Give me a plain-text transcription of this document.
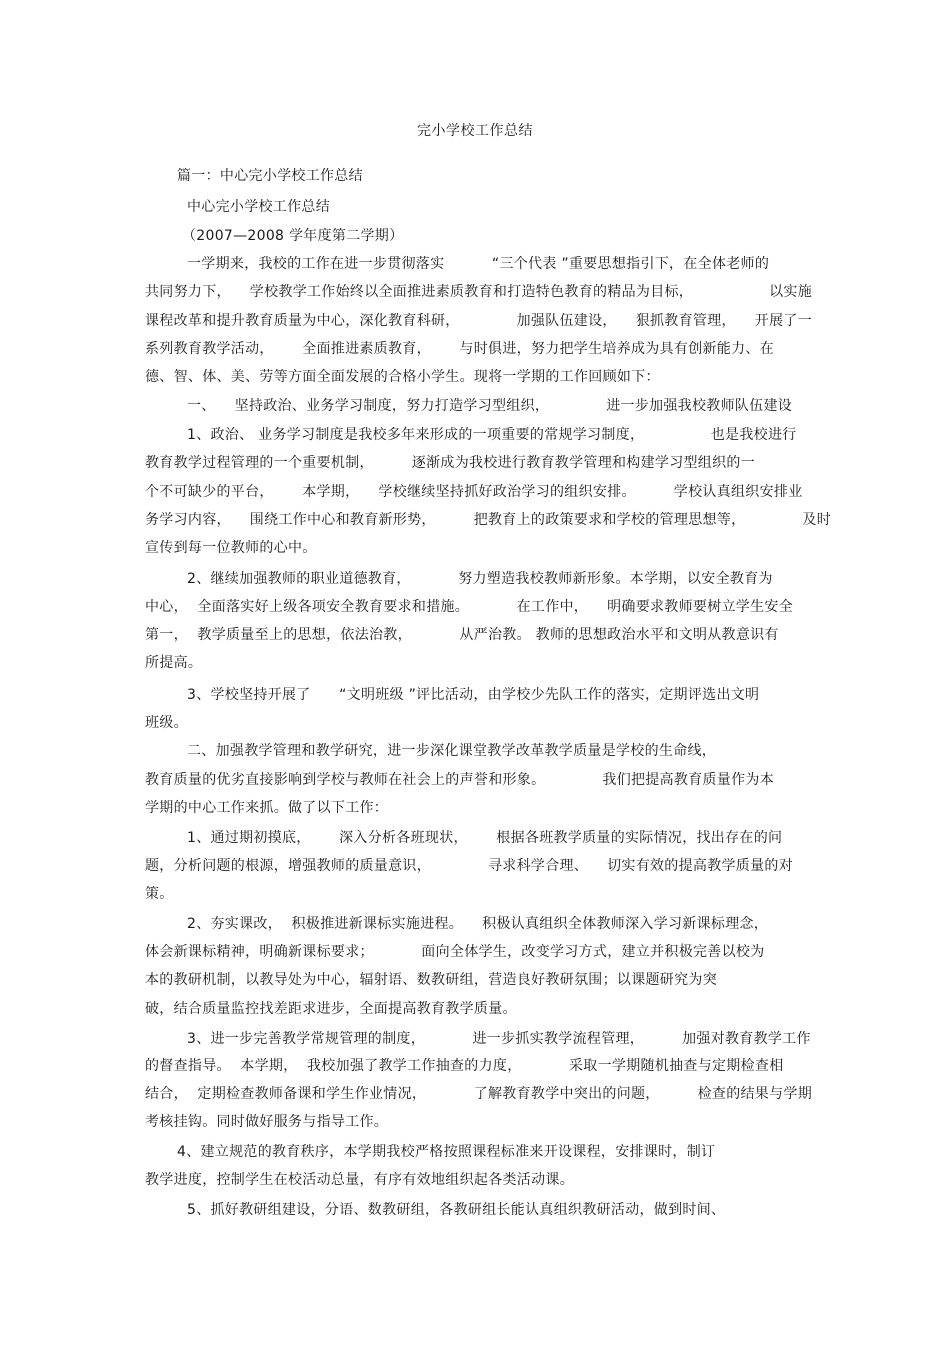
完小学校工作总结
篇一：中心完小学校工作总结
中心完小学校工作总结
（2007—2008 学年度第二学期）
一学期来，我校的工作在进一步贯彻落实          “三个代表 ”重要思想指引下，在全体老师的
共同努力下，    学校教学工作始终以全面推进素质教育和打造特色教育的精品为目标，                以实施
课程改革和提升教育质量为中心，深化教育科研，            加强队伍建设，    狠抓教育管理，    开展了一
系列教育教学活动，      全面推进素质教育，      与时俱进，努力把学生培养成为具有创新能力、在
德、智、体、美、劳等方面全面发展的合格小学生。现将一学期的工作回顾如下：
一、    坚持政治、业务学习制度，努力打造学习型组织，            进一步加强我校教师队伍建设
1、政治、 业务学习制度是我校多年来形成的一项重要的常规学习制度，              也是我校进行
教育教学过程管理的一个重要机制，        逐渐成为我校进行教育教学管理和构建学习型组织的一
个不可缺少的平台，      本学期，    学校继续坚持抓好政治学习的组织安排。        学校认真组织安排业
务学习内容，    围绕工作中心和教育新形势，        把教育上的政策要求和学校的管理思想等，            及时
宣传到每一位教师的心中。
2、继续加强教师的职业道德教育，          努力塑造我校教师新形象。本学期，以安全教育为
中心，  全面落实好上级各项安全教育要求和措施。          在工作中，    明确要求教师要树立学生安全
第一，  教学质量至上的思想，依法治教，          从严治教。 教师的思想政治水平和文明从教意识有
所提高。
3、学校坚持开展了      “文明班级 ”评比活动，由学校少先队工作的落实，定期评选出文明
班级。
二、加强教学管理和教学研究，进一步深化课堂教学改革教学质量是学校的生命线，
教育质量的优劣直接影响到学校与教师在社会上的声誉和形象。            我们把提高教育质量作为本
学期的中心工作来抓。做了以下工作：
1、通过期初摸底，      深入分析各班现状，      根据各班教学质量的实际情况，找出存在的问
题，分析问题的根源，增强教师的质量意识，            寻求科学合理、    切实有效的提高教学质量的对
策。
2、夯实课改，  积极推进新课标实施进程。    积极认真组织全体教师深入学习新课标理念，
体会新课标精神，明确新课标要求；          面向全体学生，改变学习方式，建立并积极完善以校为
本的教研机制，以教导处为中心，辐射语、数教研组，营造良好教研氛围；以课题研究为突
破，结合质量监控找差距求进步，全面提高教育教学质量。
3、进一步完善教学常规管理的制度，          进一步抓实教学流程管理，        加强对教育教学工作
的督查指导。  本学期，  我校加强了教学工作抽查的力度，          采取一学期随机抽查与定期检查相
结合，  定期检查教师备课和学生作业情况，          了解教育教学中突出的问题，        检查的结果与学期
考核挂钩。同时做好服务与指导工作。
4、建立规范的教育秩序，本学期我校严格按照课程标准来开设课程，安排课时，制订
教学进度，控制学生在校活动总量，有序有效地组织起各类活动课。
5、抓好教研组建设，分语、数教研组，各教研组长能认真组织教研活动，做到时间、
